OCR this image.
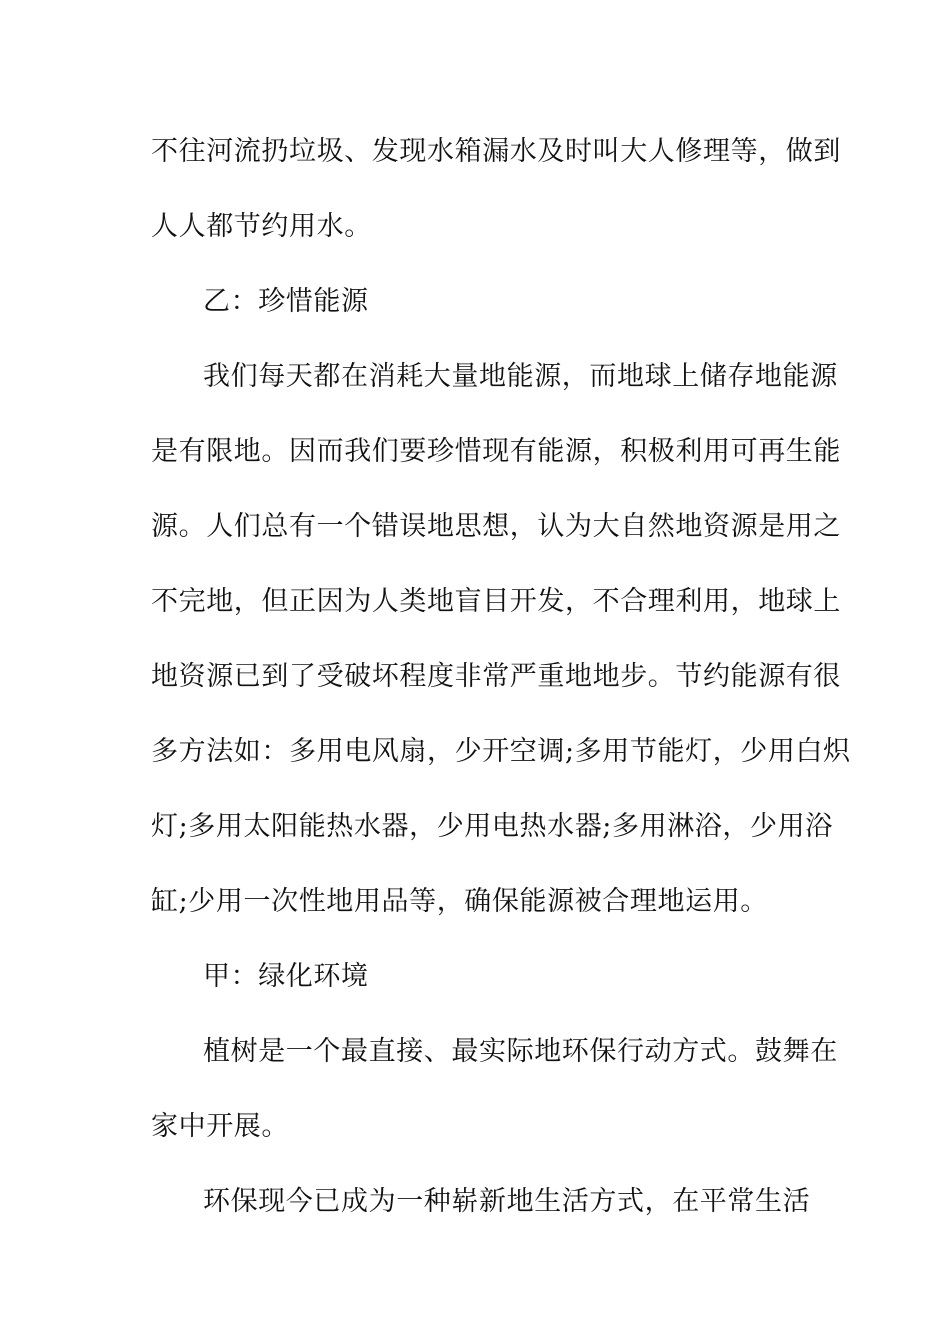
不往河流扔垃圾、发现水箱漏水及时叫大人修理等，做到
人人都节约用水。
乙：珍惜能源
我们每天都在消耗大量地能源，而地球上储存地能源
是有限地。因而我们要珍惜现有能源，积极利用可再生能
源。人们总有一个错误地思想，认为大自然地资源是用之
不完地，但正因为人类地盲目开发，不合理利用，地球上
地资源已到了受破坏程度非常严重地地步。节约能源有很
多方法如：多用电风扇，少开空调;多用节能灯，少用白炽
灯;多用太阳能热水器，少用电热水器;多用淋浴，少用浴
缸;少用一次性地用品等，确保能源被合理地运用。
甲：绿化环境
植树是一个最直接、最实际地环保行动方式。鼓舞在
家中开展。
环保现今已成为一种崭新地生活方式，在平常生活
